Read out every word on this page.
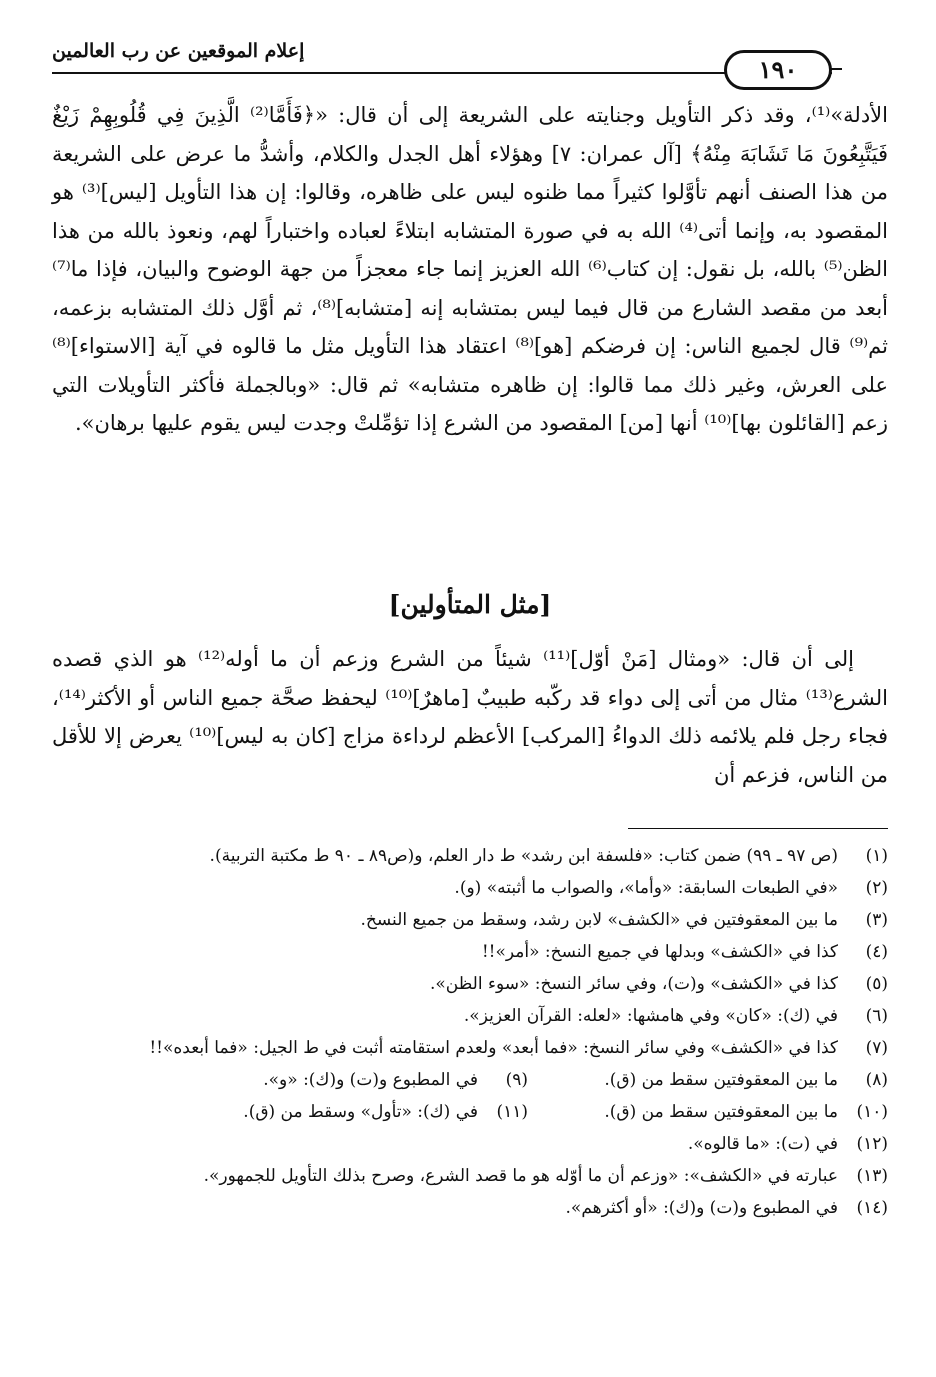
إعلام الموقعين عن رب العالمين
١٩٠

الأدلة»⁽¹⁾، وقد ذكر التأويل وجنايته على الشريعة إلى أن قال: «﴿فَأَمَّا⁽²⁾ الَّذِينَ فِي قُلُوبِهِمْ زَيْغٌ فَيَتَّبِعُونَ مَا تَشَابَهَ مِنْهُ﴾ [آل عمران: ٧] وهؤلاء أهل الجدل والكلام، وأشدُّ ما عرض على الشريعة من هذا الصنف أنهم تأوَّلوا كثيراً مما ظنوه ليس على ظاهره، وقالوا: إن هذا التأويل [ليس]⁽³⁾ هو المقصود به، وإنما أتى⁽⁴⁾ الله به في صورة المتشابه ابتلاءً لعباده واختباراً لهم، ونعوذ بالله من هذا الظن⁽⁵⁾ بالله، بل نقول: إن كتاب⁽⁶⁾ الله العزيز إنما جاء معجزاً من جهة الوضوح والبيان، فإذا ما⁽⁷⁾ أبعد من مقصد الشارع من قال فيما ليس بمتشابه إنه [متشابه]⁽⁸⁾، ثم أوَّل ذلك المتشابه بزعمه، ثم⁽⁹⁾ قال لجميع الناس: إن فرضكم [هو]⁽⁸⁾ اعتقاد هذا التأويل مثل ما قالوه في آية [الاستواء]⁽⁸⁾ على العرش، وغير ذلك مما قالوا: إن ظاهره متشابه» ثم قال: «وبالجملة فأكثر التأويلات التي زعم [القائلون بها]⁽¹⁰⁾ أنها [من] المقصود من الشرع إذا تؤمِّلتْ وجدت ليس يقوم عليها برهان».

[مثل المتأولين]

إلى أن قال: «ومثال [مَنْ أوّل]⁽¹¹⁾ شيئاً من الشرع وزعم أن ما أوله⁽¹²⁾ هو الذي قصده الشرع⁽¹³⁾ مثال من أتى إلى دواء قد ركّبه طبيبٌ [ماهرٌ]⁽¹⁰⁾ ليحفظ صحَّة جميع الناس أو الأكثر⁽¹⁴⁾، فجاء رجل فلم يلائمه ذلك الدواءُ [المركب] الأعظم لرداءة مزاج [كان به ليس]⁽¹⁰⁾ يعرض إلا للأقل من الناس، فزعم أن

(١)
(ص ٩٧ ـ ٩٩) ضمن كتاب: «فلسفة ابن رشد» ط دار العلم، و(ص٨٩ ـ ٩٠ ط مكتبة التربية).
(٢)
«في الطبعات السابقة: «وأما»، والصواب ما أثبته» (و).
(٣)
ما بين المعقوفتين في «الكشف» لابن رشد، وسقط من جميع النسخ.
(٤)
كذا في «الكشف» وبدلها في جميع النسخ: «أمر»!!
(٥)
كذا في «الكشف» و(ت)، وفي سائر النسخ: «سوء الظن».
(٦)
في (ك): «كان» وفي هامشها: «لعله: القرآن العزيز».
(٧)
كذا في «الكشف» وفي سائر النسخ: «فما أبعد» ولعدم استقامته أثبت في ط الجيل: «فما أبعده»!!
(٨)
ما بين المعقوفتين سقط من (ق).
(٩)
في المطبوع و(ت) و(ك): «و».
(١٠)
ما بين المعقوفتين سقط من (ق).
(١١)
في (ك): «تأول» وسقط من (ق).
(١٢)
في (ت): «ما قالوه».
(١٣)
عبارته في «الكشف»: «وزعم أن ما أوّله هو ما قصد الشرع، وصرح بذلك التأويل للجمهور».
(١٤)
في المطبوع و(ت) و(ك): «أو أكثرهم».
